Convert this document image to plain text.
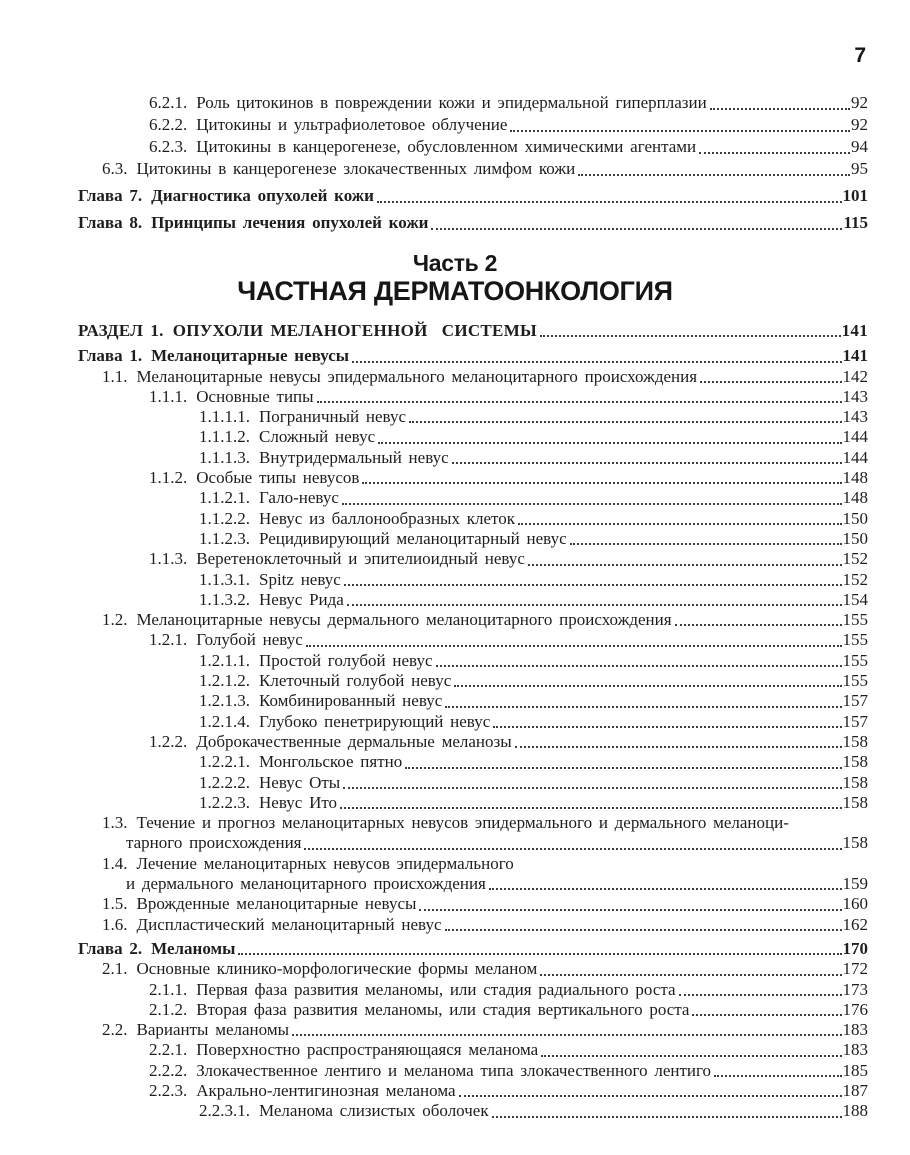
7
6.2.1. Роль цитокинов в повреждении кожи и эпидермальной гиперплазии	92
6.2.2. Цитокины и ультрафиолетовое облучение	92
6.2.3. Цитокины в канцерогенезе, обусловленном химическими агентами	94
6.3. Цитокины в канцерогенезе злокачественных лимфом кожи	95
Глава 7. Диагностика опухолей кожи	101
Глава 8. Принципы лечения опухолей кожи	115
Часть 2
ЧАСТНАЯ ДЕРМАТООНКОЛОГИЯ
РАЗДЕЛ 1. ОПУХОЛИ МЕЛАНОГЕННОЙ  СИСТЕМЫ	141
Глава 1. Меланоцитарные невусы	141
1.1. Меланоцитарные невусы эпидермального меланоцитарного происхождения	142
1.1.1. Основные типы	143
1.1.1.1. Пограничный невус	143
1.1.1.2. Сложный невус	144
1.1.1.3. Внутридермальный невус	144
1.1.2. Особые типы невусов	148
1.1.2.1. Гало-невус	148
1.1.2.2. Невус из баллонообразных клеток	150
1.1.2.3. Рецидивирующий меланоцитарный невус	150
1.1.3. Веретеноклеточный и эпителиоидный невус	152
1.1.3.1. Spitz невус	152
1.1.3.2. Невус Рида	154
1.2. Меланоцитарные невусы дермального меланоцитарного происхождения	155
1.2.1. Голубой невус	155
1.2.1.1. Простой голубой невус	155
1.2.1.2. Клеточный голубой невус	155
1.2.1.3. Комбинированный невус	157
1.2.1.4. Глубоко пенетрирующий невус	157
1.2.2. Доброкачественные дермальные меланозы	158
1.2.2.1. Монгольское пятно	158
1.2.2.2. Невус Оты	158
1.2.2.3. Невус Ито	158
1.3. Течение и прогноз меланоцитарных невусов эпидермального и дермального меланоци-
тарного происхождения	158
1.4. Лечение меланоцитарных невусов эпидермального
и дермального меланоцитарного происхождения	159
1.5. Врожденные меланоцитарные невусы	160
1.6. Диспластический меланоцитарный невус	162
Глава 2. Меланомы	170
2.1. Основные клинико-морфологические формы меланом	172
2.1.1. Первая фаза развития меланомы, или стадия радиального роста	173
2.1.2. Вторая фаза развития меланомы, или стадия вертикального роста	176
2.2. Варианты меланомы	183
2.2.1. Поверхностно распространяющаяся меланома	183
2.2.2. Злокачественное лентиго и меланома типа злокачественного лентиго	185
2.2.3. Акрально-лентигинозная меланома	187
2.2.3.1. Меланома слизистых оболочек	188
